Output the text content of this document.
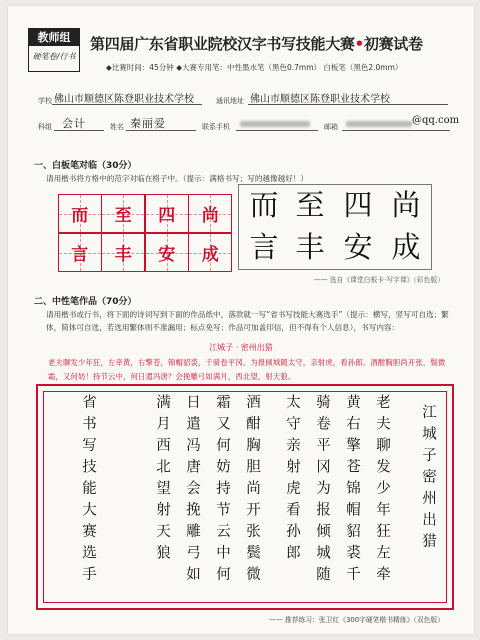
教师组
硬笔卷/行书
第四届广东省职业院校汉字书写技能大赛•初赛试卷
◆比赛时间：45分钟 ◆大赛专用笔：中性墨水笔（黑色0.7mm） 白板笔（黑色2.0mm）
学校 佛山市顺德区陈登职业技术学校	通讯地址 佛山市顺德区陈登职业技术学校
科组 会计	姓名 秦丽爱	联系手机	邮箱
@qq.com
一、白板笔对临（30分）
请用楷书将方格中的范字对临在格子中。（提示：满格书写；写的越像越好！）
而 至 四 尚
言 丰 安 成
而 至 四 尚
言 丰 安 成
—— 选自《课堂白板卡·写字课》（彩色版）
二、中性笔作品（70分）
请用楷书或行书，将下面的诗词写到下面的作品纸中，落款就一写“省书写技能大赛选手”（提示：横写，竖写可自选；繁体，简体可自选，若选用繁体则不准漏用；标点免写；作品可加盖印信，但不得有个人信息），书写内容：
江城子 · 密州出猎
老夫聊发少年狂，左牵黄，右擎苍，锦帽貂裘，千骑卷平冈。为报倾城随太守，亲射虎，看孙郎。酒酣胸胆尚开张，鬓微霜，又何妨！持节云中，何日遣冯唐？会挽雕弓如满月，西北望，射天狼。
江城子密州出猎
老夫聊发少年狂左牵
黄右擎苍锦帽貂裘千
骑卷平冈为报倾城随
太守亲射虎看孙郎
酒酣胸胆尚开张鬓微
霜又何妨持节云中何
日遣冯唐会挽雕弓如
满月西北望射天狼
省书写技能大赛选手
—— 推荐练习：张卫红《300字硬笔楷书精练》（双色版）
